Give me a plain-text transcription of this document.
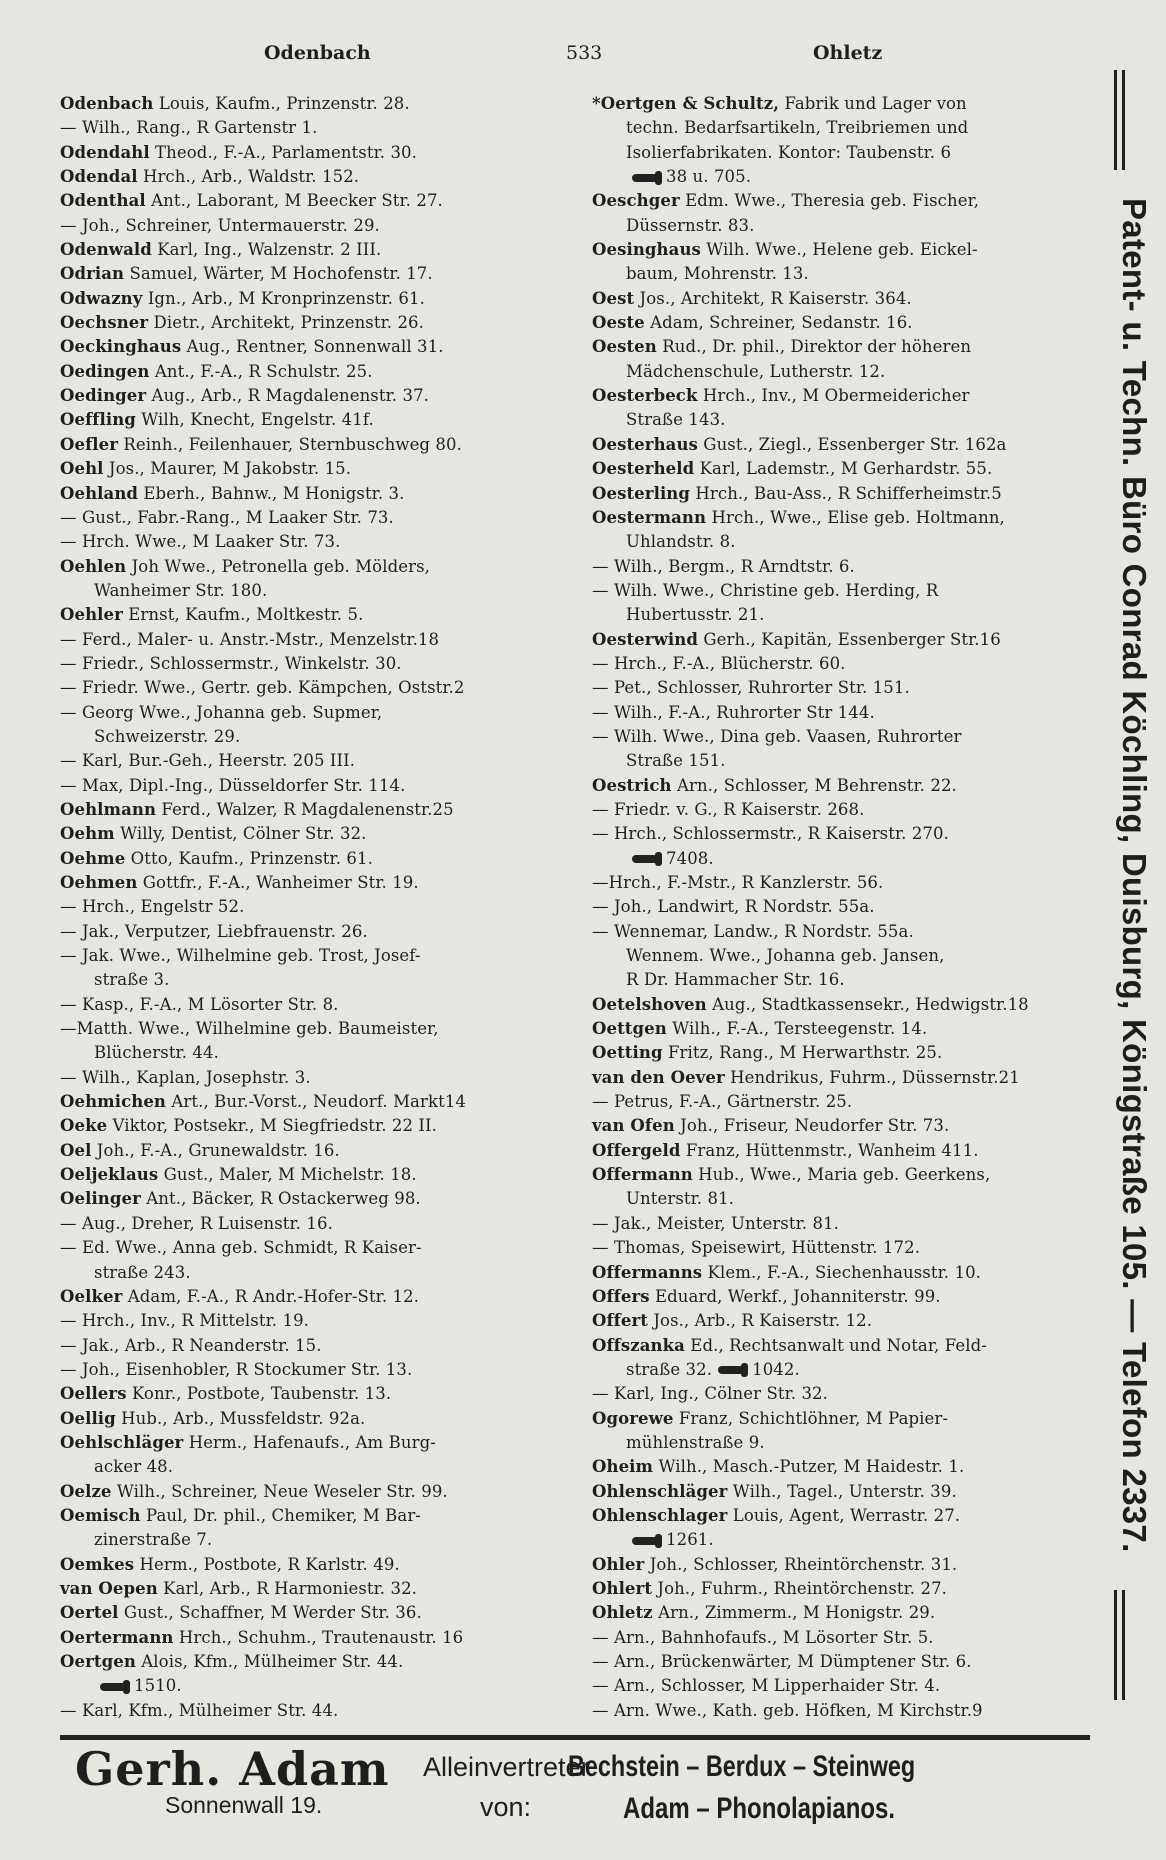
Odenbach	533	Ohletz
Odenbach Louis, Kaufm., Prinzenstr. 28.
— Wilh., Rang., R Gartenstr 1.
Odendahl Theod., F.-A., Parlamentstr. 30.
Odendal Hrch., Arb., Waldstr. 152.
Odenthal Ant., Laborant, M Beecker Str. 27.
— Joh., Schreiner, Untermauerstr. 29.
Odenwald Karl, Ing., Walzenstr. 2 III.
Odrian Samuel, Wärter, M Hochofenstr. 17.
Odwazny Ign., Arb., M Kronprinzenstr. 61.
Oechsner Dietr., Architekt, Prinzenstr. 26.
Oeckinghaus Aug., Rentner, Sonnenwall 31.
Oedingen Ant., F.-A., R Schulstr. 25.
Oedinger Aug., Arb., R Magdalenenstr. 37.
Oeffling Wilh, Knecht, Engelstr. 41f.
Oefler Reinh., Feilenhauer, Sternbuschweg 80.
Oehl Jos., Maurer, M Jakobstr. 15.
Oehland Eberh., Bahnw., M Honigstr. 3.
— Gust., Fabr.-Rang., M Laaker Str. 73.
— Hrch. Wwe., M Laaker Str. 73.
Oehlen Joh Wwe., Petronella geb. Mölders,
Wanheimer Str. 180.
Oehler Ernst, Kaufm., Moltkestr. 5.
— Ferd., Maler- u. Anstr.-Mstr., Menzelstr.18
— Friedr., Schlossermstr., Winkelstr. 30.
— Friedr. Wwe., Gertr. geb. Kämpchen, Oststr.2
— Georg Wwe., Johanna geb. Supmer,
Schweizerstr. 29.
— Karl, Bur.-Geh., Heerstr. 205 III.
— Max, Dipl.-Ing., Düsseldorfer Str. 114.
Oehlmann Ferd., Walzer, R Magdalenenstr.25
Oehm Willy, Dentist, Cölner Str. 32.
Oehme Otto, Kaufm., Prinzenstr. 61.
Oehmen Gottfr., F.-A., Wanheimer Str. 19.
— Hrch., Engelstr 52.
— Jak., Verputzer, Liebfrauenstr. 26.
— Jak. Wwe., Wilhelmine geb. Trost, Josef-
straße 3.
— Kasp., F.-A., M Lösorter Str. 8.
—Matth. Wwe., Wilhelmine geb. Baumeister,
Blücherstr. 44.
— Wilh., Kaplan, Josephstr. 3.
Oehmichen Art., Bur.-Vorst., Neudorf. Markt14
Oeke Viktor, Postsekr., M Siegfriedstr. 22 II.
Oel Joh., F.-A., Grunewaldstr. 16.
Oeljeklaus Gust., Maler, M Michelstr. 18.
Oelinger Ant., Bäcker, R Ostackerweg 98.
— Aug., Dreher, R Luisenstr. 16.
— Ed. Wwe., Anna geb. Schmidt, R Kaiser-
straße 243.
Oelker Adam, F.-A., R Andr.-Hofer-Str. 12.
— Hrch., Inv., R Mittelstr. 19.
— Jak., Arb., R Neanderstr. 15.
— Joh., Eisenhobler, R Stockumer Str. 13.
Oellers Konr., Postbote, Taubenstr. 13.
Oellig Hub., Arb., Mussfeldstr. 92a.
Oehlschläger Herm., Hafenaufs., Am Burg-
acker 48.
Oelze Wilh., Schreiner, Neue Weseler Str. 99.
Oemisch Paul, Dr. phil., Chemiker, M Bar-
zinerstraße 7.
Oemkes Herm., Postbote, R Karlstr. 49.
van Oepen Karl, Arb., R Harmoniestr. 32.
Oertel Gust., Schaffner, M Werder Str. 36.
Oertermann Hrch., Schuhm., Trautenaustr. 16
Oertgen Alois, Kfm., Mülheimer Str. 44.
1510.
— Karl, Kfm., Mülheimer Str. 44.
*Oertgen & Schultz, Fabrik und Lager von
techn. Bedarfsartikeln, Treibriemen und
Isolierfabrikaten. Kontor: Taubenstr. 6
38 u. 705.
Oeschger Edm. Wwe., Theresia geb. Fischer,
Düssernstr. 83.
Oesinghaus Wilh. Wwe., Helene geb. Eickel-
baum, Mohrenstr. 13.
Oest Jos., Architekt, R Kaiserstr. 364.
Oeste Adam, Schreiner, Sedanstr. 16.
Oesten Rud., Dr. phil., Direktor der höheren
Mädchenschule, Lutherstr. 12.
Oesterbeck Hrch., Inv., M Obermeidericher
Straße 143.
Oesterhaus Gust., Ziegl., Essenberger Str. 162a
Oesterheld Karl, Lademstr., M Gerhardstr. 55.
Oesterling Hrch., Bau-Ass., R Schifferheimstr.5
Oestermann Hrch., Wwe., Elise geb. Holtmann,
Uhlandstr. 8.
— Wilh., Bergm., R Arndtstr. 6.
— Wilh. Wwe., Christine geb. Herding, R
Hubertusstr. 21.
Oesterwind Gerh., Kapitän, Essenberger Str.16
— Hrch., F.-A., Blücherstr. 60.
— Pet., Schlosser, Ruhrorter Str. 151.
— Wilh., F.-A., Ruhrorter Str 144.
— Wilh. Wwe., Dina geb. Vaasen, Ruhrorter
Straße 151.
Oestrich Arn., Schlosser, M Behrenstr. 22.
— Friedr. v. G., R Kaiserstr. 268.
— Hrch., Schlossermstr., R Kaiserstr. 270.
7408.
—Hrch., F.-Mstr., R Kanzlerstr. 56.
— Joh., Landwirt, R Nordstr. 55a.
— Wennemar, Landw., R Nordstr. 55a.
Wennem. Wwe., Johanna geb. Jansen,
R Dr. Hammacher Str. 16.
Oetelshoven Aug., Stadtkassensekr., Hedwigstr.18
Oettgen Wilh., F.-A., Tersteegenstr. 14.
Oetting Fritz, Rang., M Herwarthstr. 25.
van den Oever Hendrikus, Fuhrm., Düssernstr.21
— Petrus, F.-A., Gärtnerstr. 25.
van Ofen Joh., Friseur, Neudorfer Str. 73.
Offergeld Franz, Hüttenmstr., Wanheim 411.
Offermann Hub., Wwe., Maria geb. Geerkens,
Unterstr. 81.
— Jak., Meister, Unterstr. 81.
— Thomas, Speisewirt, Hüttenstr. 172.
Offermanns Klem., F.-A., Siechenhausstr. 10.
Offers Eduard, Werkf., Johanniterstr. 99.
Offert Jos., Arb., R Kaiserstr. 12.
Offszanka Ed., Rechtsanwalt und Notar, Feld-
straße 32. 1042.
— Karl, Ing., Cölner Str. 32.
Ogorewe Franz, Schichtlöhner, M Papier-
mühlenstraße 9.
Oheim Wilh., Masch.-Putzer, M Haidestr. 1.
Ohlenschläger Wilh., Tagel., Unterstr. 39.
Ohlenschlager Louis, Agent, Werrastr. 27.
1261.
Ohler Joh., Schlosser, Rheintörchenstr. 31.
Ohlert Joh., Fuhrm., Rheintörchenstr. 27.
Ohletz Arn., Zimmerm., M Honigstr. 29.
— Arn., Bahnhofaufs., M Lösorter Str. 5.
— Arn., Brückenwärter, M Dümptener Str. 6.
— Arn., Schlosser, M Lipperhaider Str. 4.
— Arn. Wwe., Kath. geb. Höfken, M Kirchstr.9
Patent- u. Techn. Büro Conrad Köchling, Duisburg, Königstraße 105. — Telefon 2337.
Gerh. Adam
Sonnenwall 19.
Alleinvertreter
von:
Bechstein – Berdux – Steinweg
Adam – Phonolapianos.
